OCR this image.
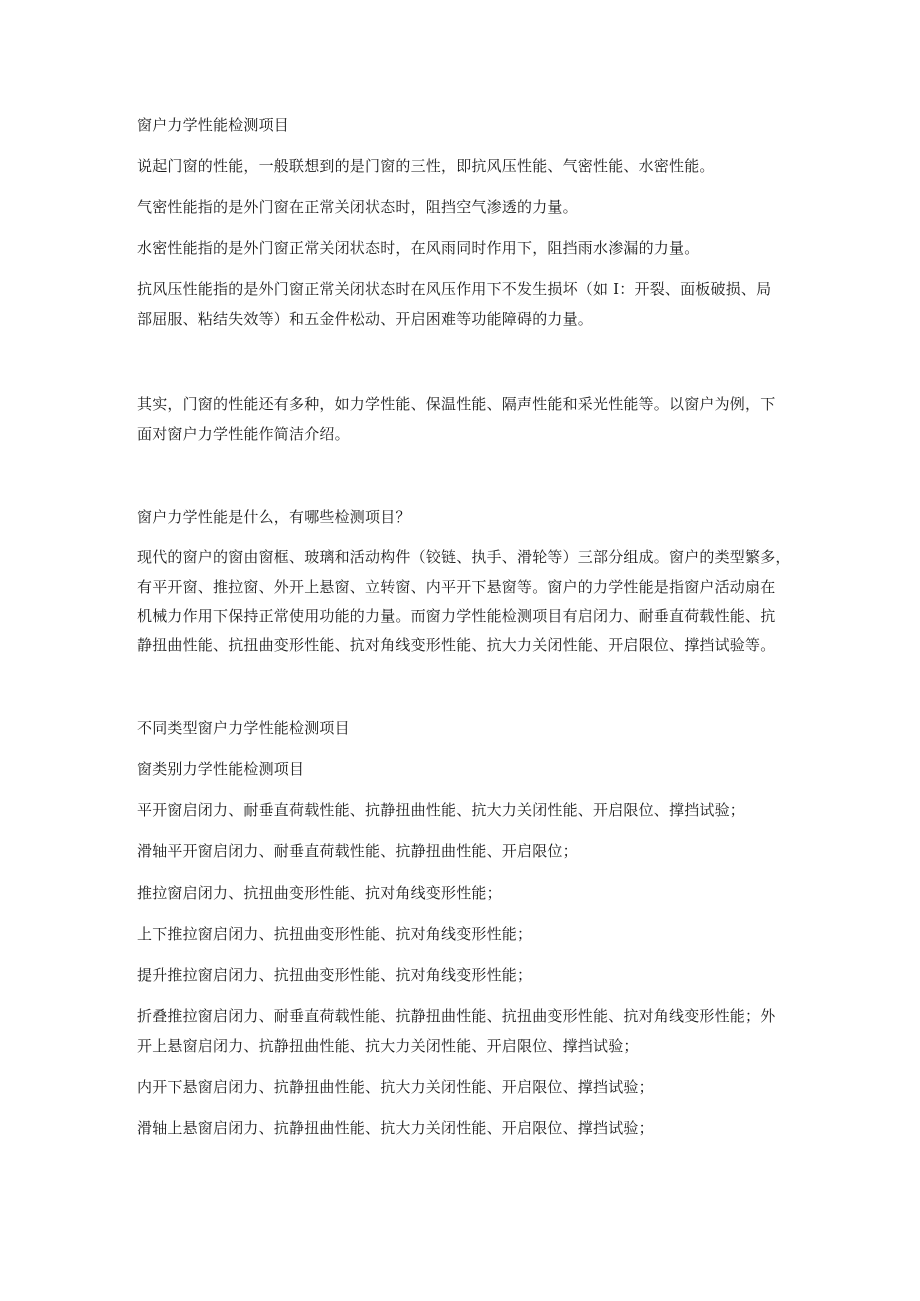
窗户力学性能检测项目
说起门窗的性能，一般联想到的是门窗的三性，即抗风压性能、气密性能、水密性能。
气密性能指的是外门窗在正常关闭状态时，阻挡空气渗透的力量。
水密性能指的是外门窗正常关闭状态时，在风雨同时作用下，阻挡雨水渗漏的力量。
抗风压性能指的是外门窗正常关闭状态时在风压作用下不发生损坏（如 I：开裂、面板破损、局
部屈服、粘结失效等）和五金件松动、开启困难等功能障碍的力量。
其实，门窗的性能还有多种，如力学性能、保温性能、隔声性能和采光性能等。以窗户为例，下
面对窗户力学性能作简洁介绍。
窗户力学性能是什么，有哪些检测项目？
现代的窗户的窗由窗框、玻璃和活动构件（铰链、执手、滑轮等）三部分组成。窗户的类型繁多，
有平开窗、推拉窗、外开上悬窗、立转窗、内平开下悬窗等。窗户的力学性能是指窗户活动扇在
机械力作用下保持正常使用功能的力量。而窗力学性能检测项目有启闭力、耐垂直荷载性能、抗
静扭曲性能、抗扭曲变形性能、抗对角线变形性能、抗大力关闭性能、开启限位、撑挡试验等。
不同类型窗户力学性能检测项目
窗类别力学性能检测项目
平开窗启闭力、耐垂直荷载性能、抗静扭曲性能、抗大力关闭性能、开启限位、撑挡试验；
滑轴平开窗启闭力、耐垂直荷载性能、抗静扭曲性能、开启限位；
推拉窗启闭力、抗扭曲变形性能、抗对角线变形性能；
上下推拉窗启闭力、抗扭曲变形性能、抗对角线变形性能；
提升推拉窗启闭力、抗扭曲变形性能、抗对角线变形性能；
折叠推拉窗启闭力、耐垂直荷载性能、抗静扭曲性能、抗扭曲变形性能、抗对角线变形性能；外
开上悬窗启闭力、抗静扭曲性能、抗大力关闭性能、开启限位、撑挡试验；
内开下悬窗启闭力、抗静扭曲性能、抗大力关闭性能、开启限位、撑挡试验；
滑轴上悬窗启闭力、抗静扭曲性能、抗大力关闭性能、开启限位、撑挡试验；
